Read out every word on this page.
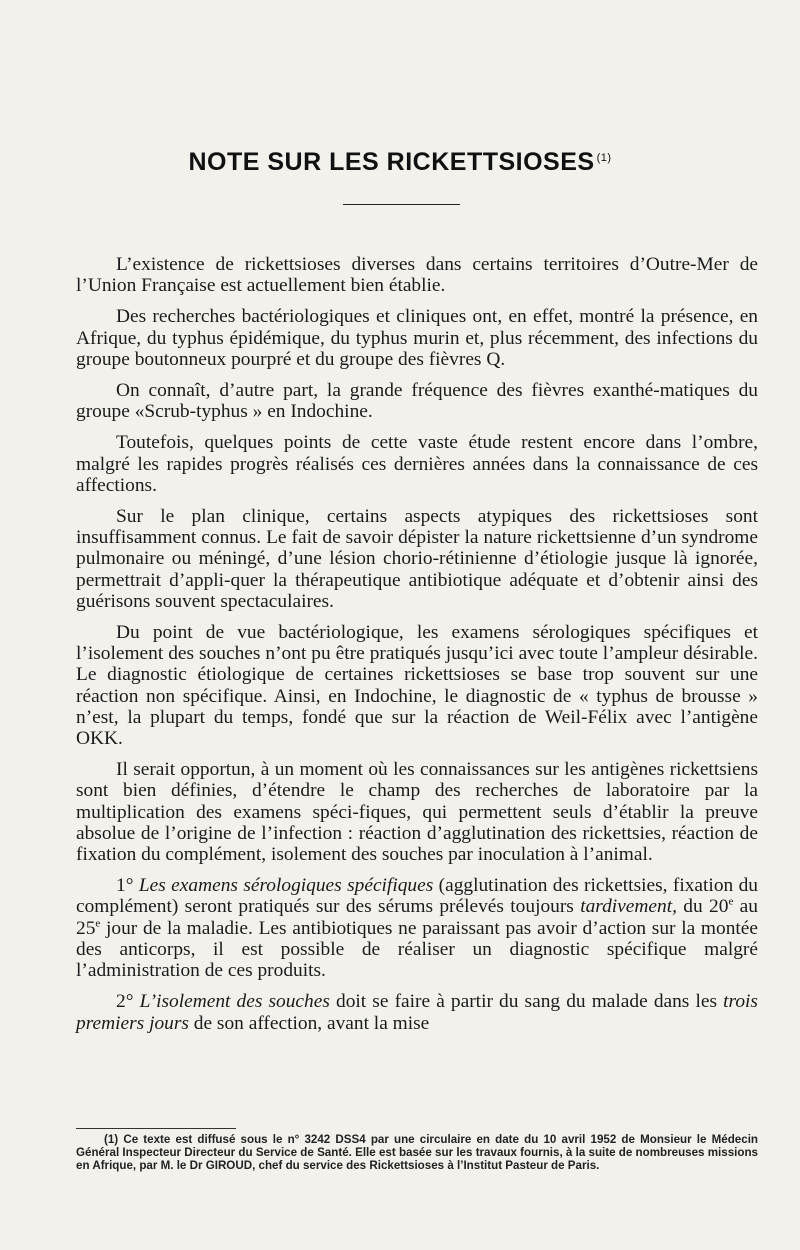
NOTE SUR LES RICKETTSIOSES $^{(1)}$

L’existence de rickettsioses diverses dans certains territoires d’Outre-Mer de l’Union Française est actuellement bien établie.

Des recherches bactériologiques et cliniques ont, en effet, montré la présence, en Afrique, du typhus épidémique, du typhus murin et, plus récemment, des infections du groupe boutonneux pourpré et du groupe des fièvres Q.

On connaît, d’autre part, la grande fréquence des fièvres exanthé-matiques du groupe «Scrub-typhus » en Indochine.

Toutefois, quelques points de cette vaste étude restent encore dans l’ombre, malgré les rapides progrès réalisés ces dernières années dans la connaissance de ces affections.

Sur le plan clinique, certains aspects atypiques des rickettsioses sont insuffisamment connus. Le fait de savoir dépister la nature rickettsienne d’un syndrome pulmonaire ou méningé, d’une lésion chorio-rétinienne d’étiologie jusque là ignorée, permettrait d’appli-quer la thérapeutique antibiotique adéquate et d’obtenir ainsi des guérisons souvent spectaculaires.

Du point de vue bactériologique, les examens sérologiques spécifiques et l’isolement des souches n’ont pu être pratiqués jusqu’ici avec toute l’ampleur désirable. Le diagnostic étiologique de certaines rickettsioses se base trop souvent sur une réaction non spécifique. Ainsi, en Indochine, le diagnostic de « typhus de brousse » n’est, la plupart du temps, fondé que sur la réaction de Weil-Félix avec l’antigène OKK.

Il serait opportun, à un moment où les connaissances sur les antigènes rickettsiens sont bien définies, d’étendre le champ des recherches de laboratoire par la multiplication des examens spéci-fiques, qui permettent seuls d’établir la preuve absolue de l’origine de l’infection : réaction d’agglutination des rickettsies, réaction de fixation du complément, isolement des souches par inoculation à l’animal.

1° Les examens sérologiques spécifiques (agglutination des rickettsies, fixation du complément) seront pratiqués sur des sérums prélevés toujours tardivement, du 20e au 25e jour de la maladie. Les antibiotiques ne paraissant pas avoir d’action sur la montée des anticorps, il est possible de réaliser un diagnostic spécifique malgré l’administration de ces produits.

2° L’isolement des souches doit se faire à partir du sang du malade dans les trois premiers jours de son affection, avant la mise

(1) Ce texte est diffusé sous le n° 3242 DSS4 par une circulaire en date du 10 avril 1952 de Monsieur le Médecin Général Inspecteur Directeur du Service de Santé. Elle est basée sur les travaux fournis, à la suite de nombreuses missions en Afrique, par M. le Dr GIROUD, chef du service des Rickettsioses à l’Institut Pasteur de Paris.
